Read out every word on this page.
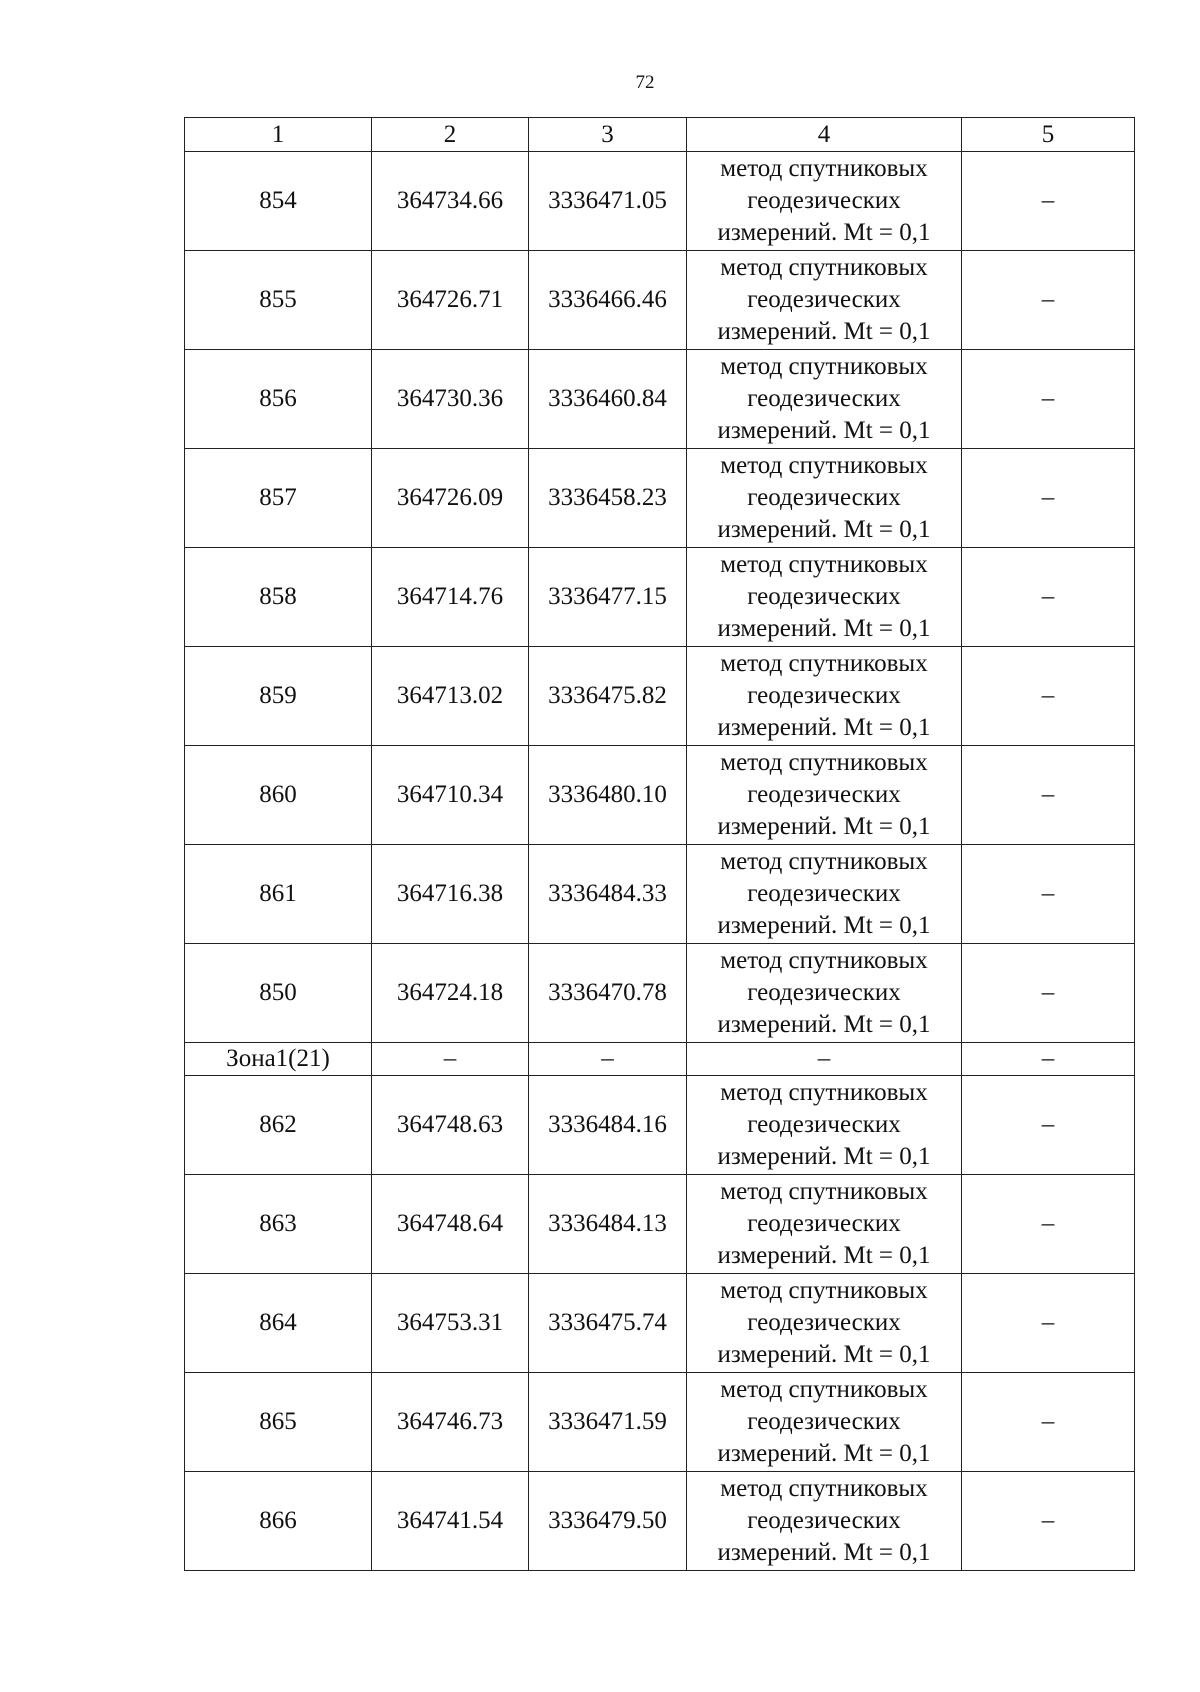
72
1	2	3	4	5
854	364734.66	3336471.05	метод спутниковых
геодезических
измерений. Mt = 0,1	–
855	364726.71	3336466.46	метод спутниковых
геодезических
измерений. Mt = 0,1	–
856	364730.36	3336460.84	метод спутниковых
геодезических
измерений. Mt = 0,1	–
857	364726.09	3336458.23	метод спутниковых
геодезических
измерений. Mt = 0,1	–
858	364714.76	3336477.15	метод спутниковых
геодезических
измерений. Mt = 0,1	–
859	364713.02	3336475.82	метод спутниковых
геодезических
измерений. Mt = 0,1	–
860	364710.34	3336480.10	метод спутниковых
геодезических
измерений. Mt = 0,1	–
861	364716.38	3336484.33	метод спутниковых
геодезических
измерений. Mt = 0,1	–
850	364724.18	3336470.78	метод спутниковых
геодезических
измерений. Mt = 0,1	–
Зона1(21)	–	–	–	–
862	364748.63	3336484.16	метод спутниковых
геодезических
измерений. Mt = 0,1	–
863	364748.64	3336484.13	метод спутниковых
геодезических
измерений. Mt = 0,1	–
864	364753.31	3336475.74	метод спутниковых
геодезических
измерений. Mt = 0,1	–
865	364746.73	3336471.59	метод спутниковых
геодезических
измерений. Mt = 0,1	–
866	364741.54	3336479.50	метод спутниковых
геодезических
измерений. Mt = 0,1	–
